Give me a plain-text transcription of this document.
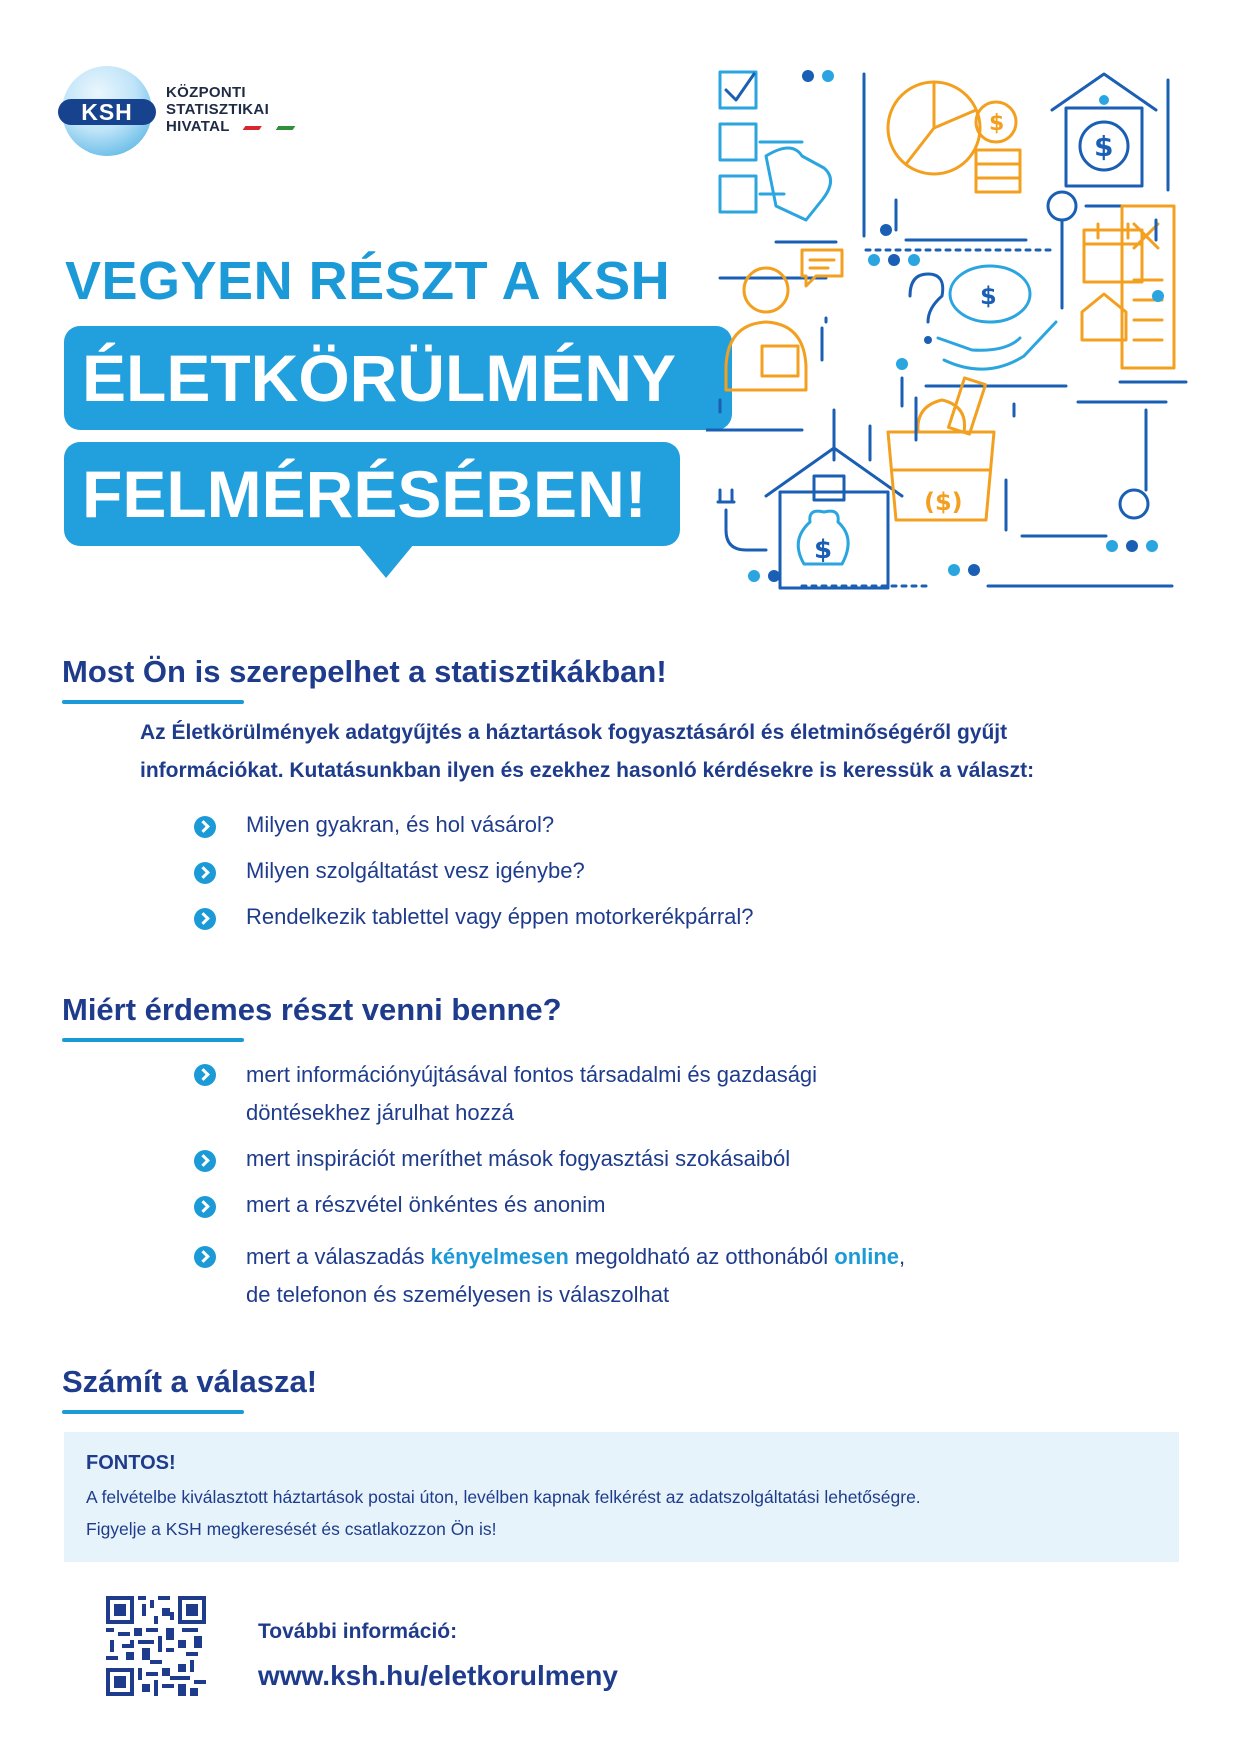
KSH
KÖZPONTI
STATISZTIKAI
HIVATAL
VEGYEN RÉSZT A KSH
ÉLETKÖRÜLMÉNY
FELMÉRÉSÉBEN!
$
$
$
$
($)
Most Ön is szerepelhet a statisztikákban!
Az Életkörülmények adatgyűjtés a háztartások fogyasztásáról és életminőségéről gyűjt
információkat. Kutatásunkban ilyen és ezekhez hasonló kérdésekre is keressük a választ:
Milyen gyakran, és hol vásárol?
Milyen szolgáltatást vesz igénybe?
Rendelkezik tablettel vagy éppen motorkerékpárral?
Miért érdemes részt venni benne?
mert információnyújtásával fontos társadalmi és gazdasági
döntésekhez járulhat hozzá
mert inspirációt meríthet mások fogyasztási szokásaiból
mert a részvétel önkéntes és anonim
mert a válaszadás kényelmesen megoldható az otthonából online,
de telefonon és személyesen is válaszolhat
Számít a válasza!
FONTOS!
A felvételbe kiválasztott háztartások postai úton, levélben kapnak felkérést az adatszolgáltatási lehetőségre.
Figyelje a KSH megkeresését és csatlakozzon Ön is!
További információ:
www.ksh.hu/eletkorulmeny
